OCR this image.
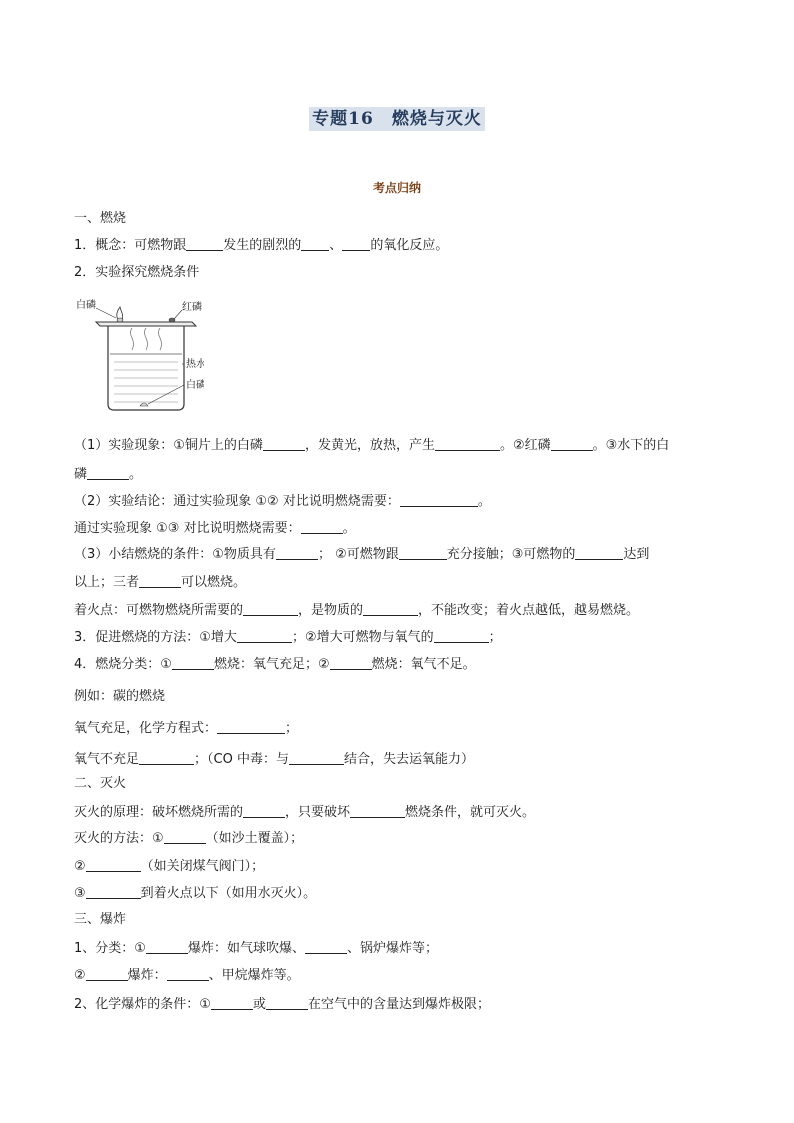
专题16　燃烧与灭火
考点归纳
白磷	红磷
热水
白磷
一、燃烧
1．概念：可燃物跟	发生的剧烈的 、 的氧化反应。
2．实验探究燃烧条件
（1）实验现象：①铜片上的白磷	，发黄光，放热，产生	。②红磷	。③水下的白
磷	。
（2）实验结论：通过实验现象 ①② 对比说明燃烧需要：	。
通过实验现象 ①③ 对比说明燃烧需要：	。
（3）小结燃烧的条件：①物质具有	； ②可燃物跟	充分接触；③可燃物的	达到
以上；三者	可以燃烧。
着火点：可燃物燃烧所需要的	，是物质的	，不能改变；着火点越低，越易燃烧。
3．促进燃烧的方法：①增大	；②增大可燃物与氧气的	；
4．燃烧分类：①	燃烧：氧气充足；②	燃烧：氧气不足。
例如：碳的燃烧
氧气充足，化学方程式：	；
氧气不充足	；（CO 中毒：与	结合，失去运氧能力）
二、灭火
灭火的原理：破坏燃烧所需的	，只要破坏	燃烧条件，就可灭火。
灭火的方法：①	（如沙土覆盖）；
②	（如关闭煤气阀门）；
③	到着火点以下（如用水灭火）。
三、爆炸
1、分类：①	爆炸：如气球吹爆、	、锅炉爆炸等；
②	爆炸：	、甲烷爆炸等。
2、化学爆炸的条件：①	或	在空气中的含量达到爆炸极限；
